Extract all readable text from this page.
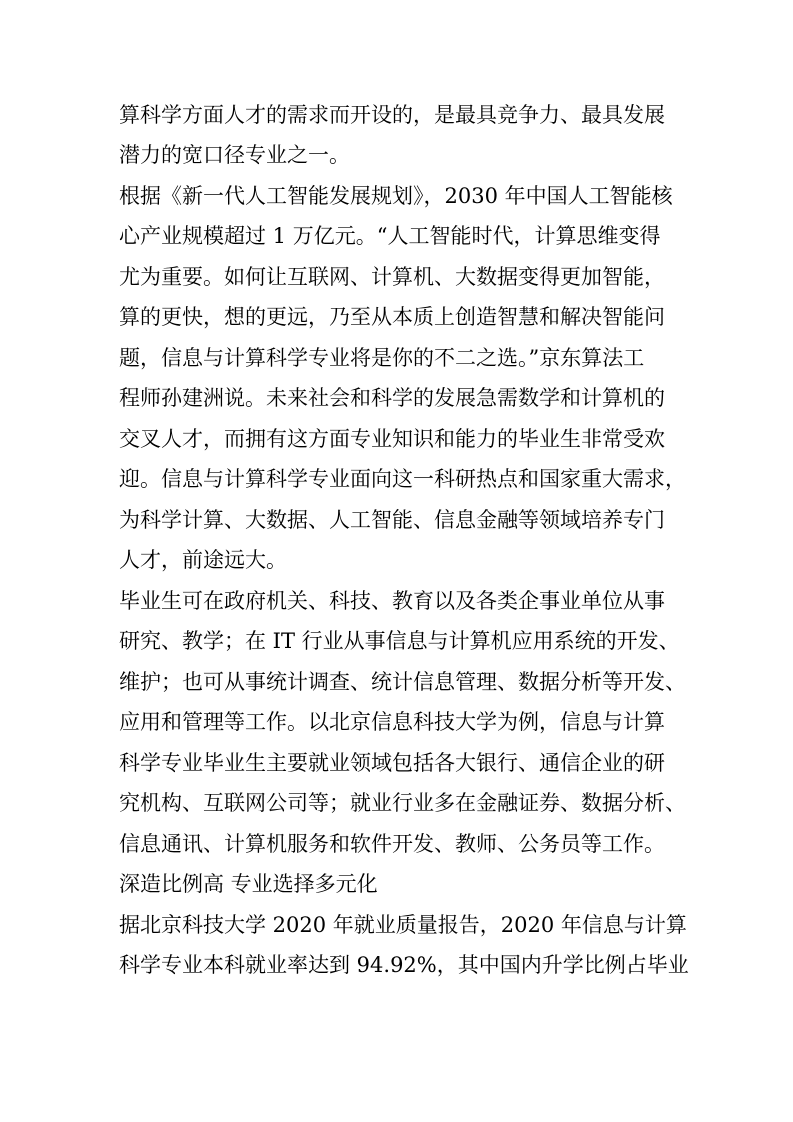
算科学方面人才的需求而开设的，是最具竞争力、最具发展
潜力的宽口径专业之一。
根据《新一代人工智能发展规划》，2030 年中国人工智能核
心产业规模超过 1 万亿元。“人工智能时代，计算思维变得
尤为重要。如何让互联网、计算机、大数据变得更加智能，
算的更快，想的更远，乃至从本质上创造智慧和解决智能问
题，信息与计算科学专业将是你的不二之选。”京东算法工
程师孙建洲说。未来社会和科学的发展急需数学和计算机的
交叉人才，而拥有这方面专业知识和能力的毕业生非常受欢
迎。信息与计算科学专业面向这一科研热点和国家重大需求，
为科学计算、大数据、人工智能、信息金融等领域培养专门
人才，前途远大。
毕业生可在政府机关、科技、教育以及各类企事业单位从事
研究、教学；在 IT 行业从事信息与计算机应用系统的开发、
维护；也可从事统计调查、统计信息管理、数据分析等开发、
应用和管理等工作。以北京信息科技大学为例，信息与计算
科学专业毕业生主要就业领域包括各大银行、通信企业的研
究机构、互联网公司等；就业行业多在金融证券、数据分析、
信息通讯、计算机服务和软件开发、教师、公务员等工作。
深造比例高 专业选择多元化
据北京科技大学 2020 年就业质量报告，2020 年信息与计算
科学专业本科就业率达到 94.92%，其中国内升学比例占毕业
